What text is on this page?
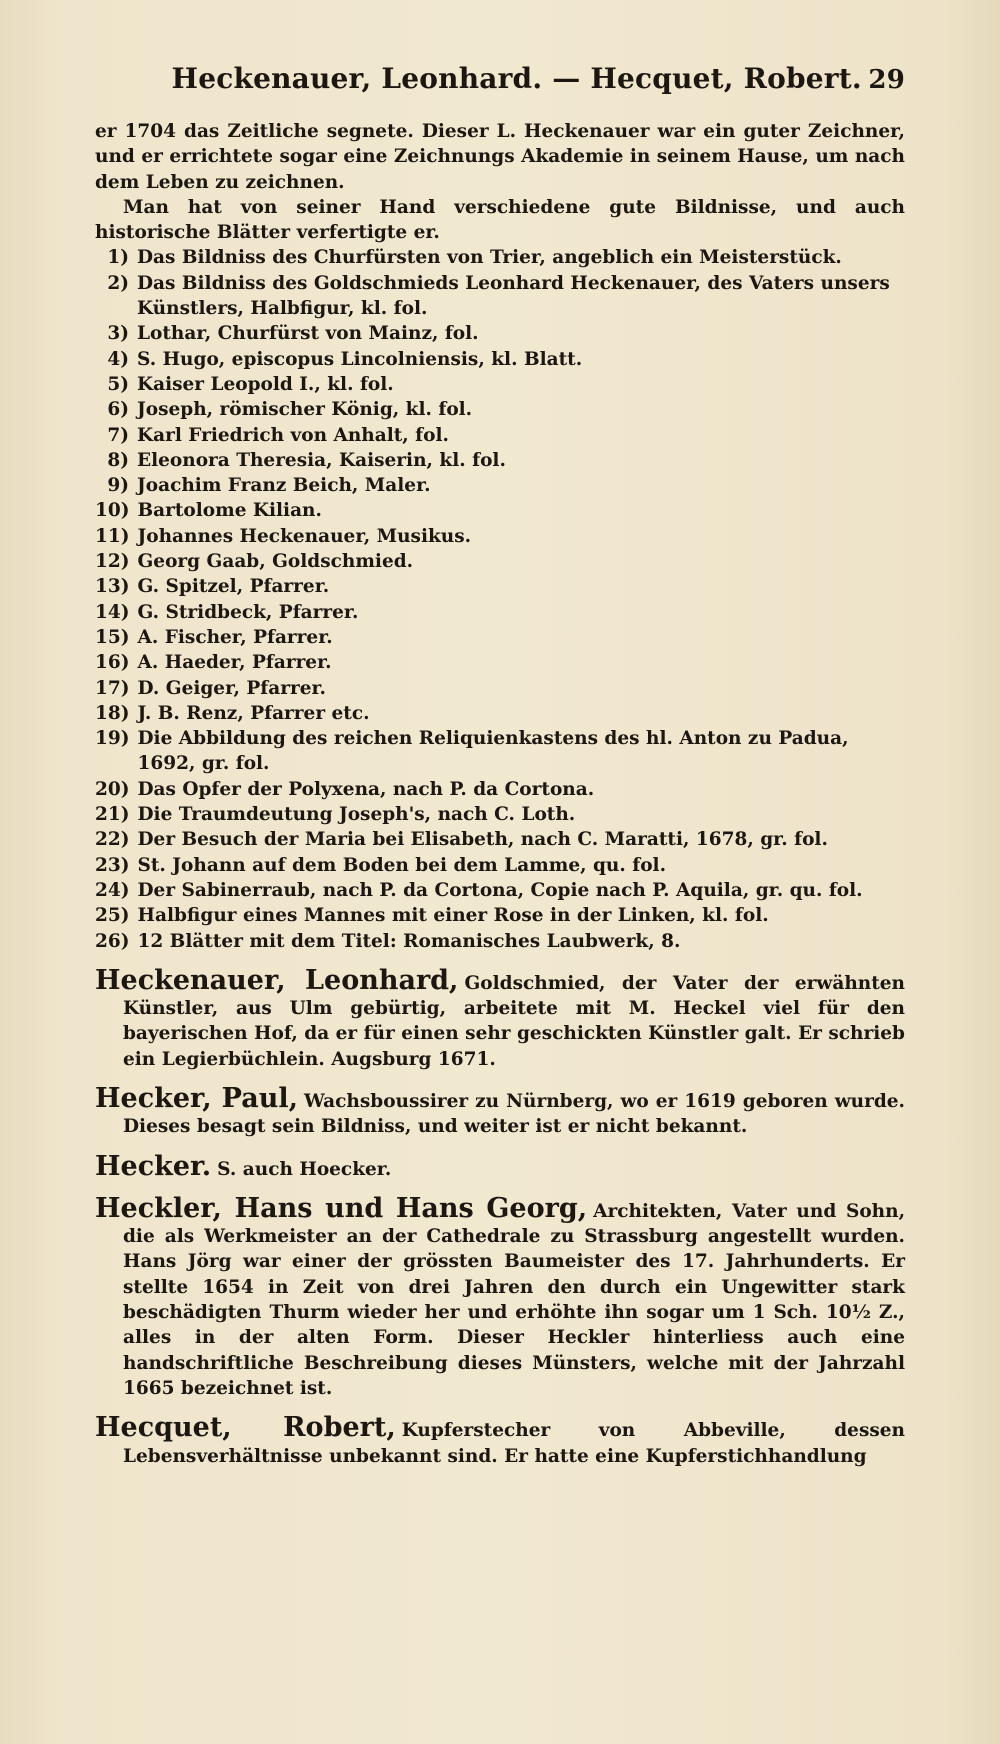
Heckenauer, Leonhard. — Hecquet, Robert. 29

er 1704 das Zeitliche segnete. Dieser L. Heckenauer war ein guter Zeichner, und er errichtete sogar eine Zeichnungs Akademie in seinem Hause, um nach dem Leben zu zeichnen.

Man hat von seiner Hand verschiedene gute Bildnisse, und auch historische Blätter verfertigte er.

1) Das Bildniss des Churfürsten von Trier, angeblich ein Meisterstück.
2) Das Bildniss des Goldschmieds Leonhard Heckenauer, des Vaters unsers Künstlers, Halbfigur, kl. fol.
3) Lothar, Churfürst von Mainz, fol.
4) S. Hugo, episcopus Lincolniensis, kl. Blatt.
5) Kaiser Leopold I., kl. fol.
6) Joseph, römischer König, kl. fol.
7) Karl Friedrich von Anhalt, fol.
8) Eleonora Theresia, Kaiserin, kl. fol.
9) Joachim Franz Beich, Maler.
10) Bartolome Kilian.
11) Johannes Heckenauer, Musikus.
12) Georg Gaab, Goldschmied.
13) G. Spitzel, Pfarrer.
14) G. Stridbeck, Pfarrer.
15) A. Fischer, Pfarrer.
16) A. Haeder, Pfarrer.
17) D. Geiger, Pfarrer.
18) J. B. Renz, Pfarrer etc.
19) Die Abbildung des reichen Reliquienkastens des hl. Anton zu Padua, 1692, gr. fol.
20) Das Opfer der Polyxena, nach P. da Cortona.
21) Die Traumdeutung Joseph's, nach C. Loth.
22) Der Besuch der Maria bei Elisabeth, nach C. Maratti, 1678, gr. fol.
23) St. Johann auf dem Boden bei dem Lamme, qu. fol.
24) Der Sabinerraub, nach P. da Cortona, Copie nach P. Aquila, gr. qu. fol.
25) Halbfigur eines Mannes mit einer Rose in der Linken, kl. fol.
26) 12 Blätter mit dem Titel: Romanisches Laubwerk, 8.

Heckenauer, Leonhard, Goldschmied, der Vater der erwähnten Künstler, aus Ulm gebürtig, arbeitete mit M. Heckel viel für den bayerischen Hof, da er für einen sehr geschickten Künstler galt. Er schrieb ein Legierbüchlein. Augsburg 1671.

Hecker, Paul, Wachsboussirer zu Nürnberg, wo er 1619 geboren wurde. Dieses besagt sein Bildniss, und weiter ist er nicht bekannt.

Hecker. S. auch Hoecker.

Heckler, Hans und Hans Georg, Architekten, Vater und Sohn, die als Werkmeister an der Cathedrale zu Strassburg angestellt wurden. Hans Jörg war einer der grössten Baumeister des 17. Jahrhunderts. Er stellte 1654 in Zeit von drei Jahren den durch ein Ungewitter stark beschädigten Thurm wieder her und erhöhte ihn sogar um 1 Sch. 10½ Z., alles in der alten Form. Dieser Heckler hinterliess auch eine handschriftliche Beschreibung dieses Münsters, welche mit der Jahrzahl 1665 bezeichnet ist.

Hecquet, Robert, Kupferstecher von Abbeville, dessen Lebensverhältnisse unbekannt sind. Er hatte eine Kupferstichhandlung
